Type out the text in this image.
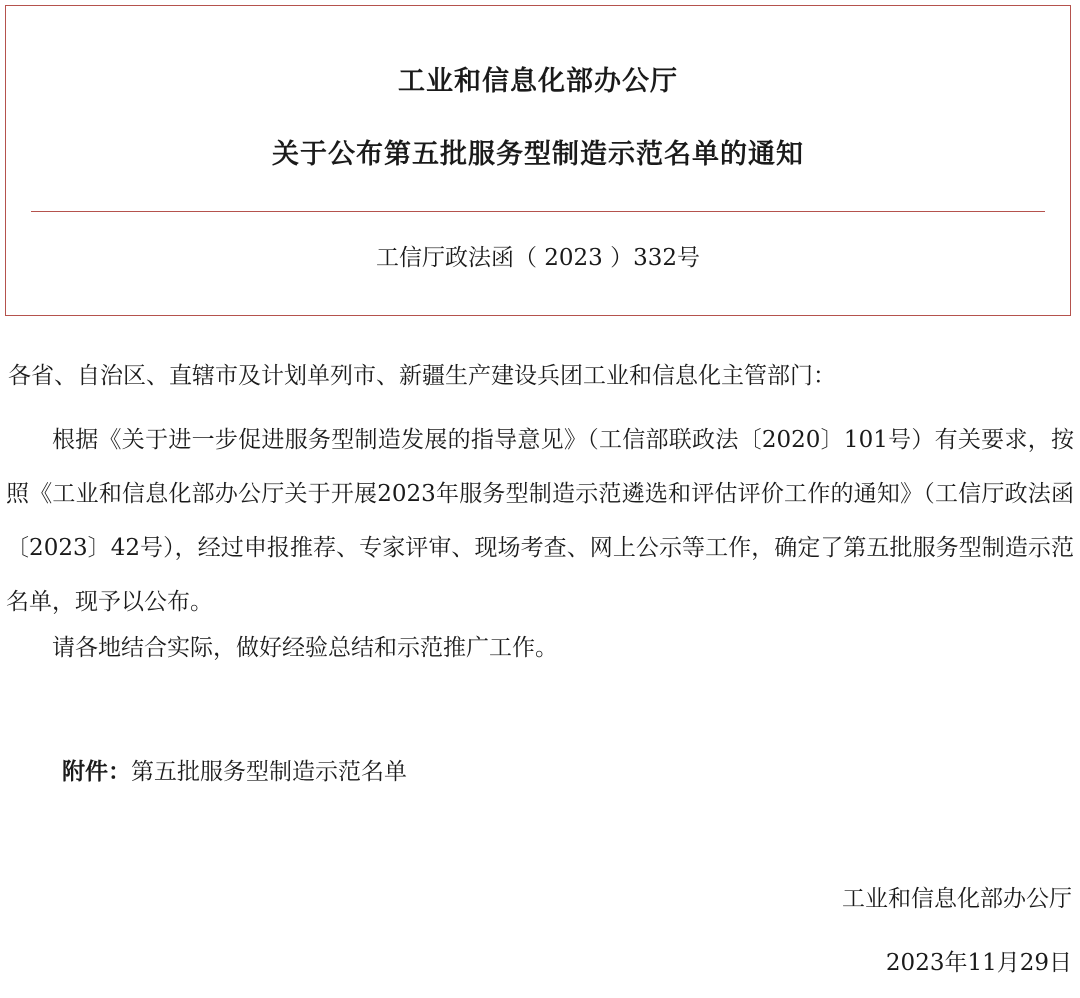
工业和信息化部办公厅
关于公布第五批服务型制造示范名单的通知
工信厅政法函（ 2023 ）332号
各省、自治区、直辖市及计划单列市、新疆生产建设兵团工业和信息化主管部门：
根据《关于进一步促进服务型制造发展的指导意见》（工信部联政法〔2020〕101号）有关要求，按照《工业和信息化部办公厅关于开展2023年服务型制造示范遴选和评估评价工作的通知》（工信厅政法函〔2023〕42号），经过申报推荐、专家评审、现场考查、网上公示等工作，确定了第五批服务型制造示范名单，现予以公布。
请各地结合实际，做好经验总结和示范推广工作。
附件：第五批服务型制造示范名单
工业和信息化部办公厅
2023年11月29日
